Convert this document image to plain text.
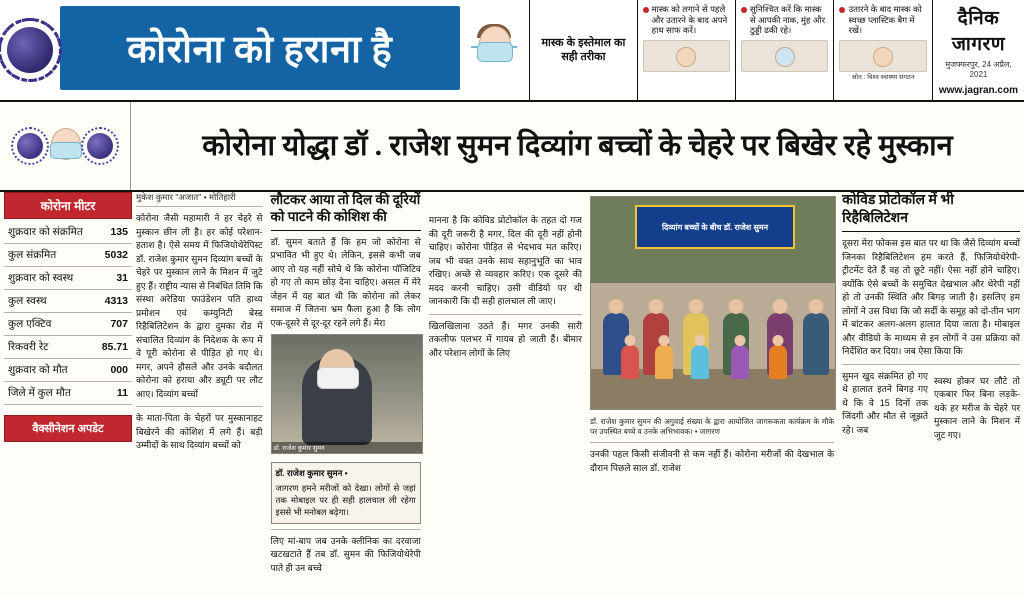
कोरोना को हराना है	मास्क के इस्तेमाल का सही तरीका
मास्क को लगाने से पहले और उतारने के बाद अपने हाथ साफ करें।
सुनिश्चित करें कि मास्क से आपकी नाक, मुंह और ठुड्डी ढकी रहे।
उतारने के बाद मास्क को स्वच्छ प्लास्टिक बैग में रखें।
स्रोत : विश्व स्वास्थ्य संगठन
दैनिक जागरण
मुजफ्फरपुर, 24 अप्रैल, 2021
www.jagran.com
कोरोना योद्धा डॉ . राजेश सुमन दिव्यांग बच्चों के चेहरे पर बिखेर रहे मुस्कान
कोरोना मीटर
शुक्रवार को संक्रमित	135
कुल संक्रमित	5032
शुक्रवार को स्वस्थ	31
कुल स्वस्थ	4313
कुल एक्टिव	707
रिकवरी रेट	85.71
शुक्रवार को मौत	000
जिले में कुल मौत	11
वैक्सीनेशन अपडेट
मुकेश कुमार "अजात" • मोतिहारी
कोरोना जैसी महामारी ने हर चेहरे से मुस्कान छीन ली है। हर कोई परेशान-हताश है। ऐसे समय में फिजियोथेरेपिस्ट डॉ. राजेश कुमार सुमन दिव्यांग बच्चों के चेहरे पर मुस्कान लाने के मिशन में जुटे हुए हैं। राष्ट्रीय न्यास से निबंधित तिमि कि संस्था अरेडिया फाउंडेशन पति हाथ्य प्रमोशन एवं कम्युनिटी बेस्ड रिहैबिलिटेशन के द्वारा दुमका रोड में संचालित दिव्यांग के निदेशक के रूप में वे पूरी कोरोना से पीड़ित हो गए थे। मगर, अपने हौसले और उनके बदौलत कोरोना को हराया और ड्यूटी पर लौट आए। दिव्यांग बच्चों
के माता-पिता के चेहरों पर मुस्कानाहट बिखेरने की कोशिश में लगे हैं। बड़ी उम्मीदों के साथ दिव्यांग बच्चों को
लौटकर आया तो दिल की दूरियों को पाटने की कोशिश की
डॉ. सुमन बताते हैं कि हम जो कोरोना से प्रभावित भी हुए थे। लेकिन, इससे कभी जब आए तो यह नहीं सोचे थे कि कोरोना पॉजिटिव हो गए तो काम छोड़ देना चाहिए। असल में मेरे जेहन में यह बात थी कि कोरोना को लेकर समाज में जितना भ्रम फैला हुआ है कि लोग एक-दूसरे से दूर-दूर रहने लगे हैं। मेरा
डॉ. राजेश कुमार सुमन
डॉ. राजेश कुमार सुमन •
जागरण हमने मरीजों को देखा। लोगों से जहां तक मोबाइल पर ही सही हालचाल ली रहेगा इससे भी मनोबल बढ़ेगा।
लिए मां-बाप जब उनके क्लीनिक का दरवाजा खटखटाते हैं तब डॉ. सुमन की फिजियोथेरेपी पाते ही उन बच्चे
मानना है कि कोविड प्रोटोकॉल के तहत दो गज की दूरी जरूरी है मगर, दिल की दूरी नहीं होनी चाहिए। कोरोना पीड़ित से भेदभाव मत करिए। जब भी वक्त उनके साथ सहानुभूति का भाव रखिए। अच्छे से व्यवहार करिए। एक दूसरे की मदद करनी चाहिए। उसी वीडियो पर थी जानकारी कि दी सही हालचाल ली जाए।
खिलखिलाना उठते हैं। मगर उनकी सारी तकलीफ पलभर में गायब हो जाती हैं। बीमार और परेशान लोगों के लिए
दिव्यांग बच्चों के बीच डॉ. राजेश सुमन
डॉ. राजेश कुमार सुमन की अगुवाई संख्या के द्वारा आयोजित जागरूकता कार्यक्रम के मौके पर उपस्थित बच्चे व उनके अभिभावक। • जागरण
उनकी पहल किसी संजीवनी से कम नहीं हैं। कोरोना मरीजों की देखभाल के दौरान पिछले साल डॉ. राजेश
कोविड प्रोटोकॉल में भी रिहैबिलिटेशन
दूसरा मेरा फोकस इस बात पर था कि जैसे दिव्यांग बच्चों जिनका रिहैबिलिटेशन हम करते हैं, फिजियोथेरेपी-ट्रीटमेंट देते हैं वह तो छूटे नहीं। ऐसा नहीं होने चाहिए। क्योंकि ऐसे बच्चों के समुचित देखभाल और थेरेपी नहीं हो तो उनकी स्थिति और बिगड़ जाती है। इसलिए हम लोगों ने उस विधा कि जो सर्दी के समूह को दो-तीन भाग में बांटकर अलग-अलग हालात दिया जाता है। मोबाइल और वीडियो के माध्यम से इन लोगों ने उस प्रक्रिया को निर्देशित कर दिया। जब ऐसा किया कि
सुमन खुद संक्रमित हो गए थे हालात इतने बिगड़ गए थे कि वे 15 दिनों तक जिंदगी और मौत से जूझते रहे। जब
स्वस्थ होकर घर लौटे तो एकबार फिर बिना लड़के-थके हर मरीज के चेहरे पर मुस्कान लाने के मिशन में जुट गए।
